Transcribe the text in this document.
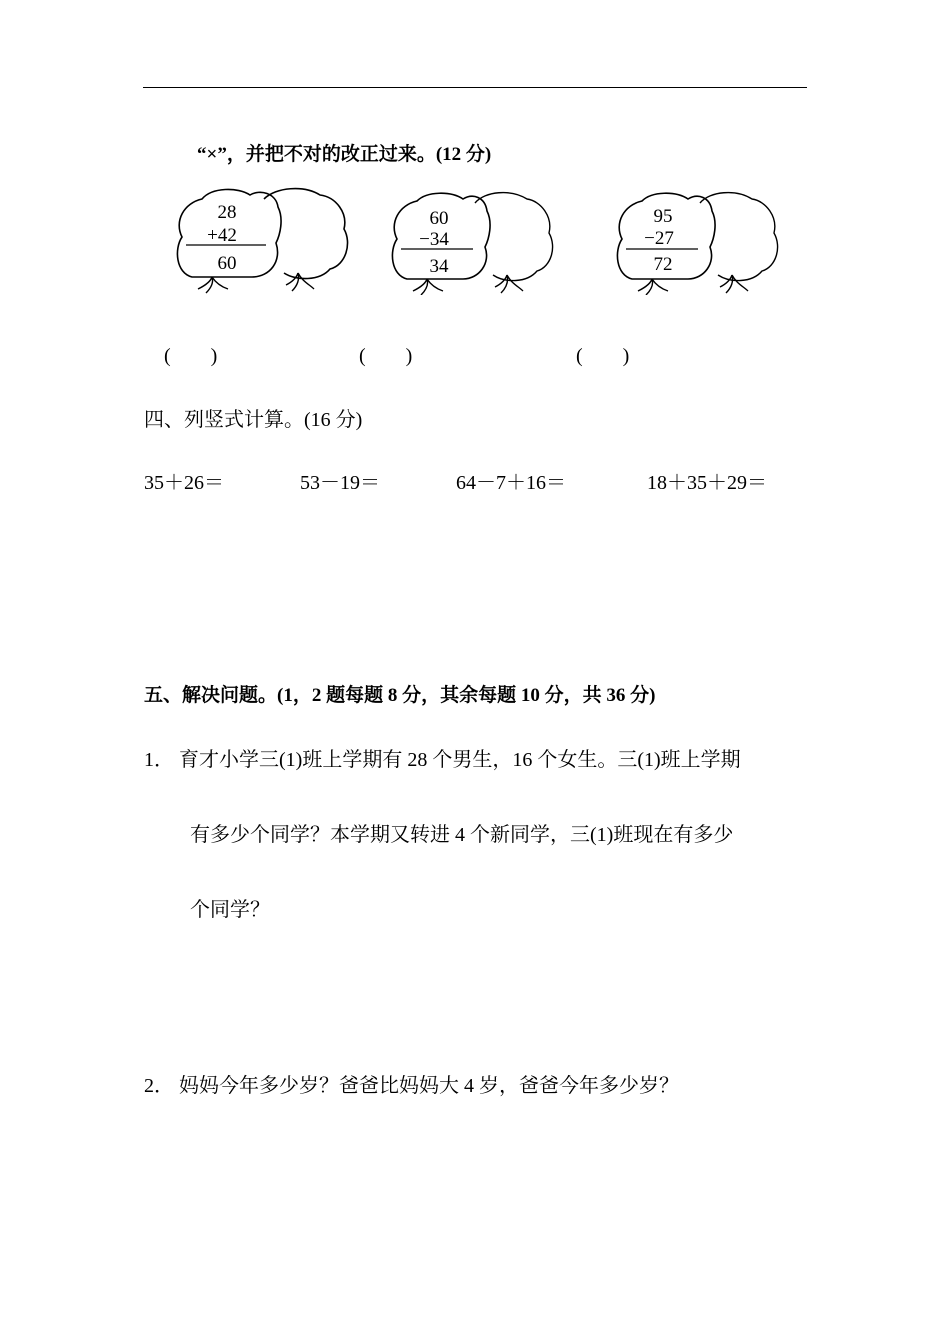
“×”，并把不对的改正过来。(12 分)
28
+42
60
60
−34
34
95
−27
72
(　　)	(　　)	(　　)
四、列竖式计算。(16 分)
35＋26＝	53－19＝	64－7＋16＝	18＋35＋29＝
五、解决问题。(1，2 题每题 8 分，其余每题 10 分，共 36 分)
1． 育才小学三(1)班上学期有 28 个男生，16 个女生。三(1)班上学期
有多少个同学？本学期又转进 4 个新同学，三(1)班现在有多少
个同学？
2． 妈妈今年多少岁？爸爸比妈妈大 4 岁，爸爸今年多少岁？
